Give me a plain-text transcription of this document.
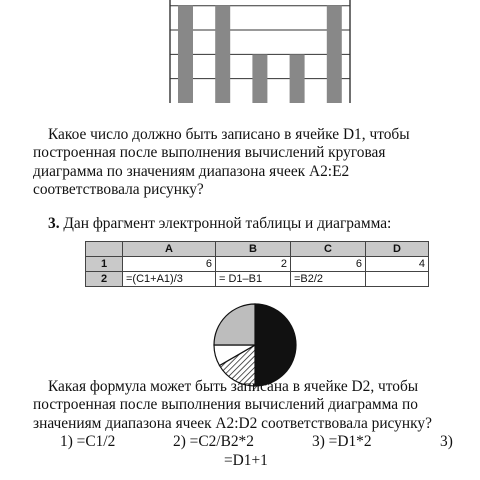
Какое число должно быть записано в ячейке D1, чтобы
построенная после выполнения вычислений круговая
диаграмма по значениям диапазона ячеек А2:Е2
соответствовала рисунку?
3. Дан фрагмент электронной таблицы и диаграмма:
	A	B	C	D
1	6	2	6	4
2	=(C1+A1)/3	= D1–B1	=B2/2	
Какая формула может быть записана в ячейке D2, чтобы
построенная после выполнения вычислений диаграмма по
значениям диапазона ячеек А2:D2 соответствовала рисунку?
1) =С1/2	2) =С2/В2*2	3) =D1*2	3)
=D1+1
